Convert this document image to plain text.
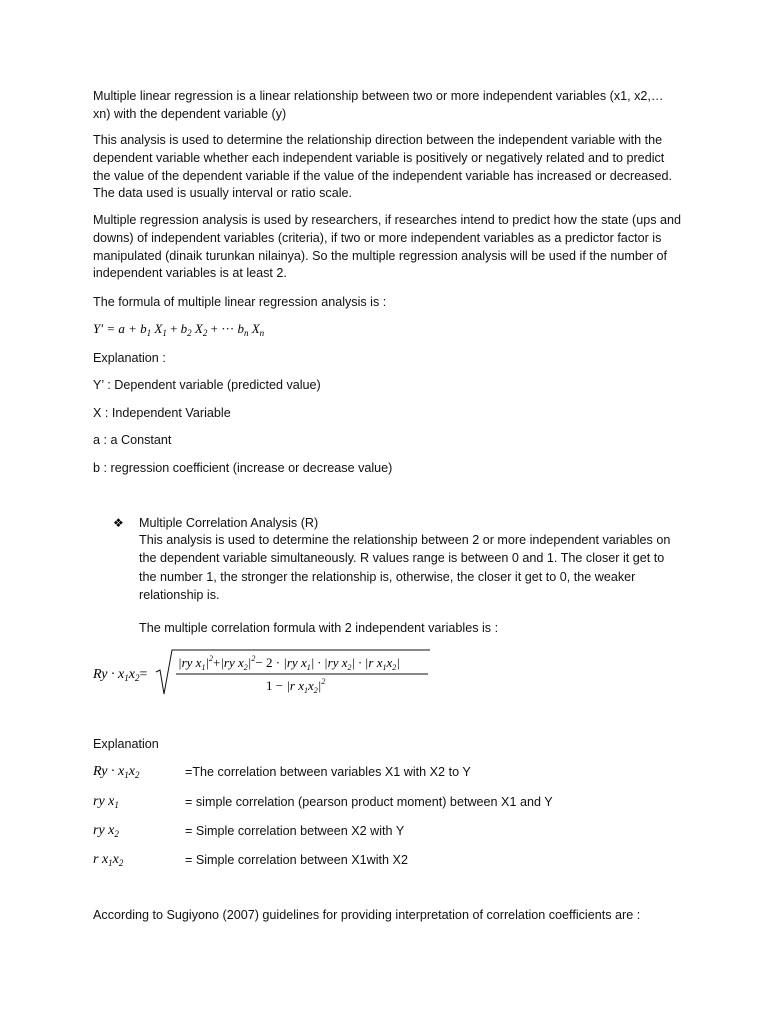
Multiple linear regression is a linear relationship between two or more independent variables (x1, x2,… xn) with the dependent variable (y)

This analysis is used to determine the relationship direction between the independent variable with the dependent variable whether each independent variable is positively or negatively related and to predict the value of the dependent variable if the value of the independent variable has increased or decreased. The data used is usually interval or ratio scale.

Multiple regression analysis is used by researchers, if researches intend to predict how the state (ups and downs) of independent variables (criteria), if two or more independent variables as a predictor factor is manipulated (dinaik turunkan nilainya). So the multiple regression analysis will be used if the number of independent variables is at least 2.

The formula of multiple linear regression analysis is :

$Y' = a + b_1$ $X_1 + b_2$ $X_2$ + ··· $b_n$ $X_n$

Explanation :

Y’ : Dependent variable (predicted value)

X : Independent Variable

a : a Constant

b : regression coefficient (increase or decrease value)

❖ Multiple Correlation Analysis (R)

This analysis is used to determine the relationship between 2 or more independent variables on the dependent variable simultaneously. R values range is between 0 and 1. The closer it get to the number 1, the stronger the relationship is, otherwise, the closer it get to 0, the weaker relationship is.

The multiple correlation formula with 2 independent variables is :

$Ry \cdot x_1x_2=$
|ry $x_1|^2+|ry$ $x_2|^2- 2 \cdot |ry$ $x_1| \cdot |ry$ $x_2| \cdot |r$ $x_1x_2|$
1 − |r $x_1x_2|^2$

Explanation

$Ry \cdot x_1x_2$	=The correlation between variables X1 with X2 to Y
ry $x_1$	= simple correlation (pearson product moment) between X1 and Y
ry $x_2$	= Simple correlation between X2 with Y
r $x_1x_2$	= Simple correlation between X1with X2

According to Sugiyono (2007) guidelines for providing interpretation of correlation coefficients are :
